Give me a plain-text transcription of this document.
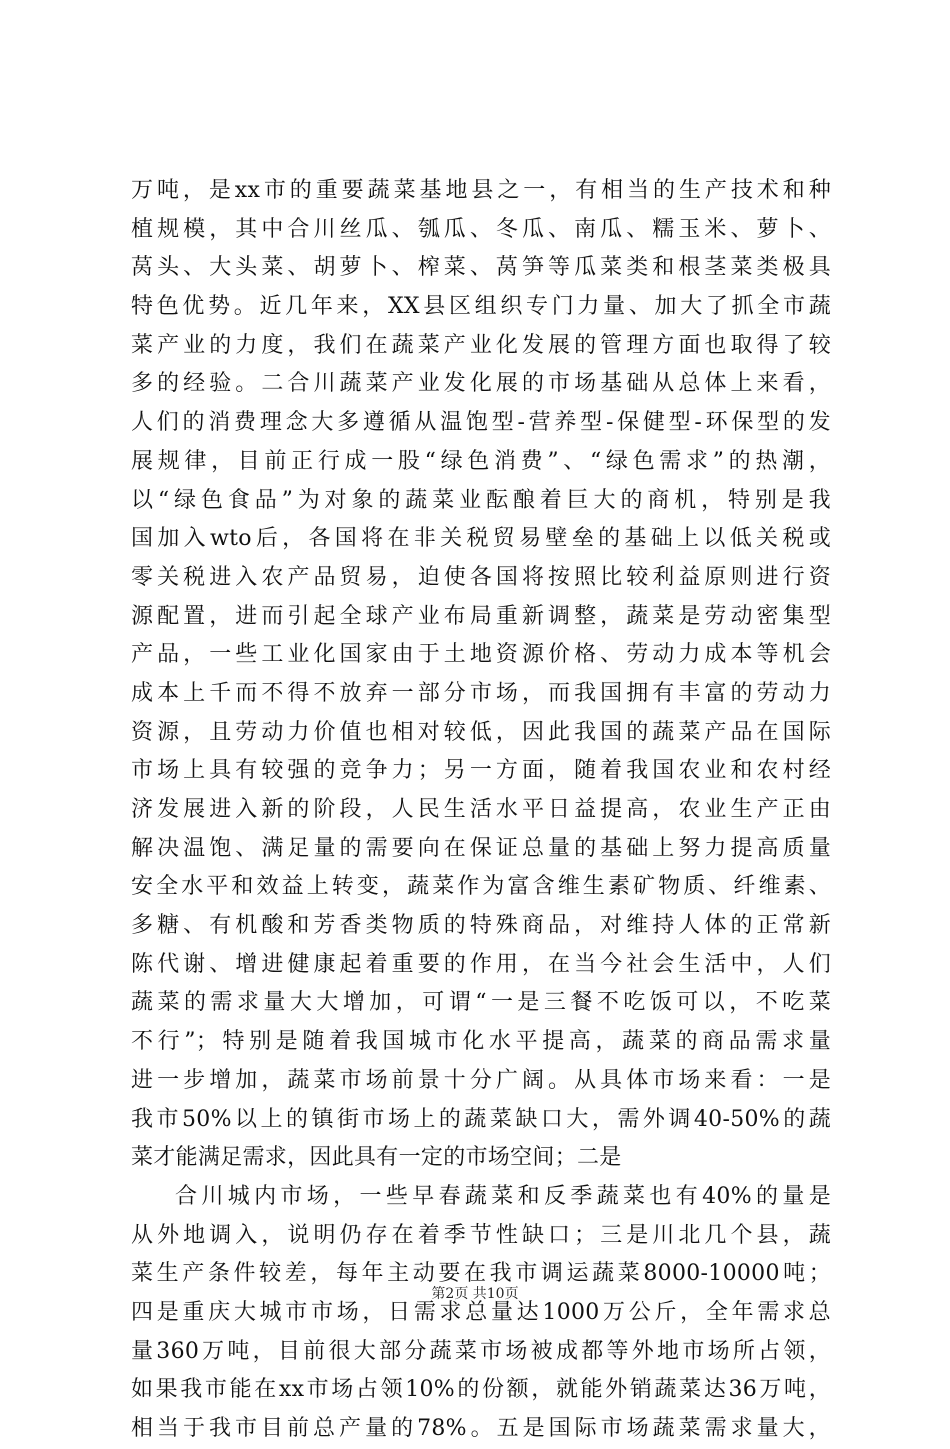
万吨，是xx市的重要蔬菜基地县之一，有相当的生产技术和种
植规模，其中合川丝瓜、瓠瓜、冬瓜、南瓜、糯玉米、萝卜、
莴头、大头菜、胡萝卜、榨菜、莴笋等瓜菜类和根茎菜类极具
特色优势。近几年来，XX县区组织专门力量、加大了抓全市蔬
菜产业的力度，我们在蔬菜产业化发展的管理方面也取得了较
多的经验。二合川蔬菜产业发化展的市场基础从总体上来看，
人们的消费理念大多遵循从温饱型-营养型-保健型-环保型的发
展规律，目前正行成一股“绿色消费”、“绿色需求”的热潮，
以“绿色食品”为对象的蔬菜业酝酿着巨大的商机，特别是我
国加入wto后，各国将在非关税贸易壁垒的基础上以低关税或
零关税进入农产品贸易，迫使各国将按照比较利益原则进行资
源配置，进而引起全球产业布局重新调整，蔬菜是劳动密集型
产品，一些工业化国家由于土地资源价格、劳动力成本等机会
成本上千而不得不放弃一部分市场，而我国拥有丰富的劳动力
资源，且劳动力价值也相对较低，因此我国的蔬菜产品在国际
市场上具有较强的竞争力；另一方面，随着我国农业和农村经
济发展进入新的阶段，人民生活水平日益提高，农业生产正由
解决温饱、满足量的需要向在保证总量的基础上努力提高质量
安全水平和效益上转变，蔬菜作为富含维生素矿物质、纤维素、
多糖、有机酸和芳香类物质的特殊商品，对维持人体的正常新
陈代谢、增进健康起着重要的作用，在当今社会生活中，人们
蔬菜的需求量大大增加，可谓“一是三餐不吃饭可以，不吃菜
不行”；特别是随着我国城市化水平提高，蔬菜的商品需求量
进一步增加，蔬菜市场前景十分广阔。从具体市场来看：一是
我市50%以上的镇街市场上的蔬菜缺口大，需外调40-50%的蔬
菜才能满足需求，因此具有一定的市场空间；二是
合川城内市场，一些早春蔬菜和反季蔬菜也有40%的量是
从外地调入，说明仍存在着季节性缺口；三是川北几个县，蔬
菜生产条件较差，每年主动要在我市调运蔬菜8000-10000吨；
四是重庆大城市市场，日需求总量达1000万公斤，全年需求总
量360万吨，目前很大部分蔬菜市场被成都等外地市场所占领，
如果我市能在xx市场占领10%的份额，就能外销蔬菜达36万吨，
相当于我市目前总产量的78%。五是国际市场蔬菜需求量大，
第2页 共10页
